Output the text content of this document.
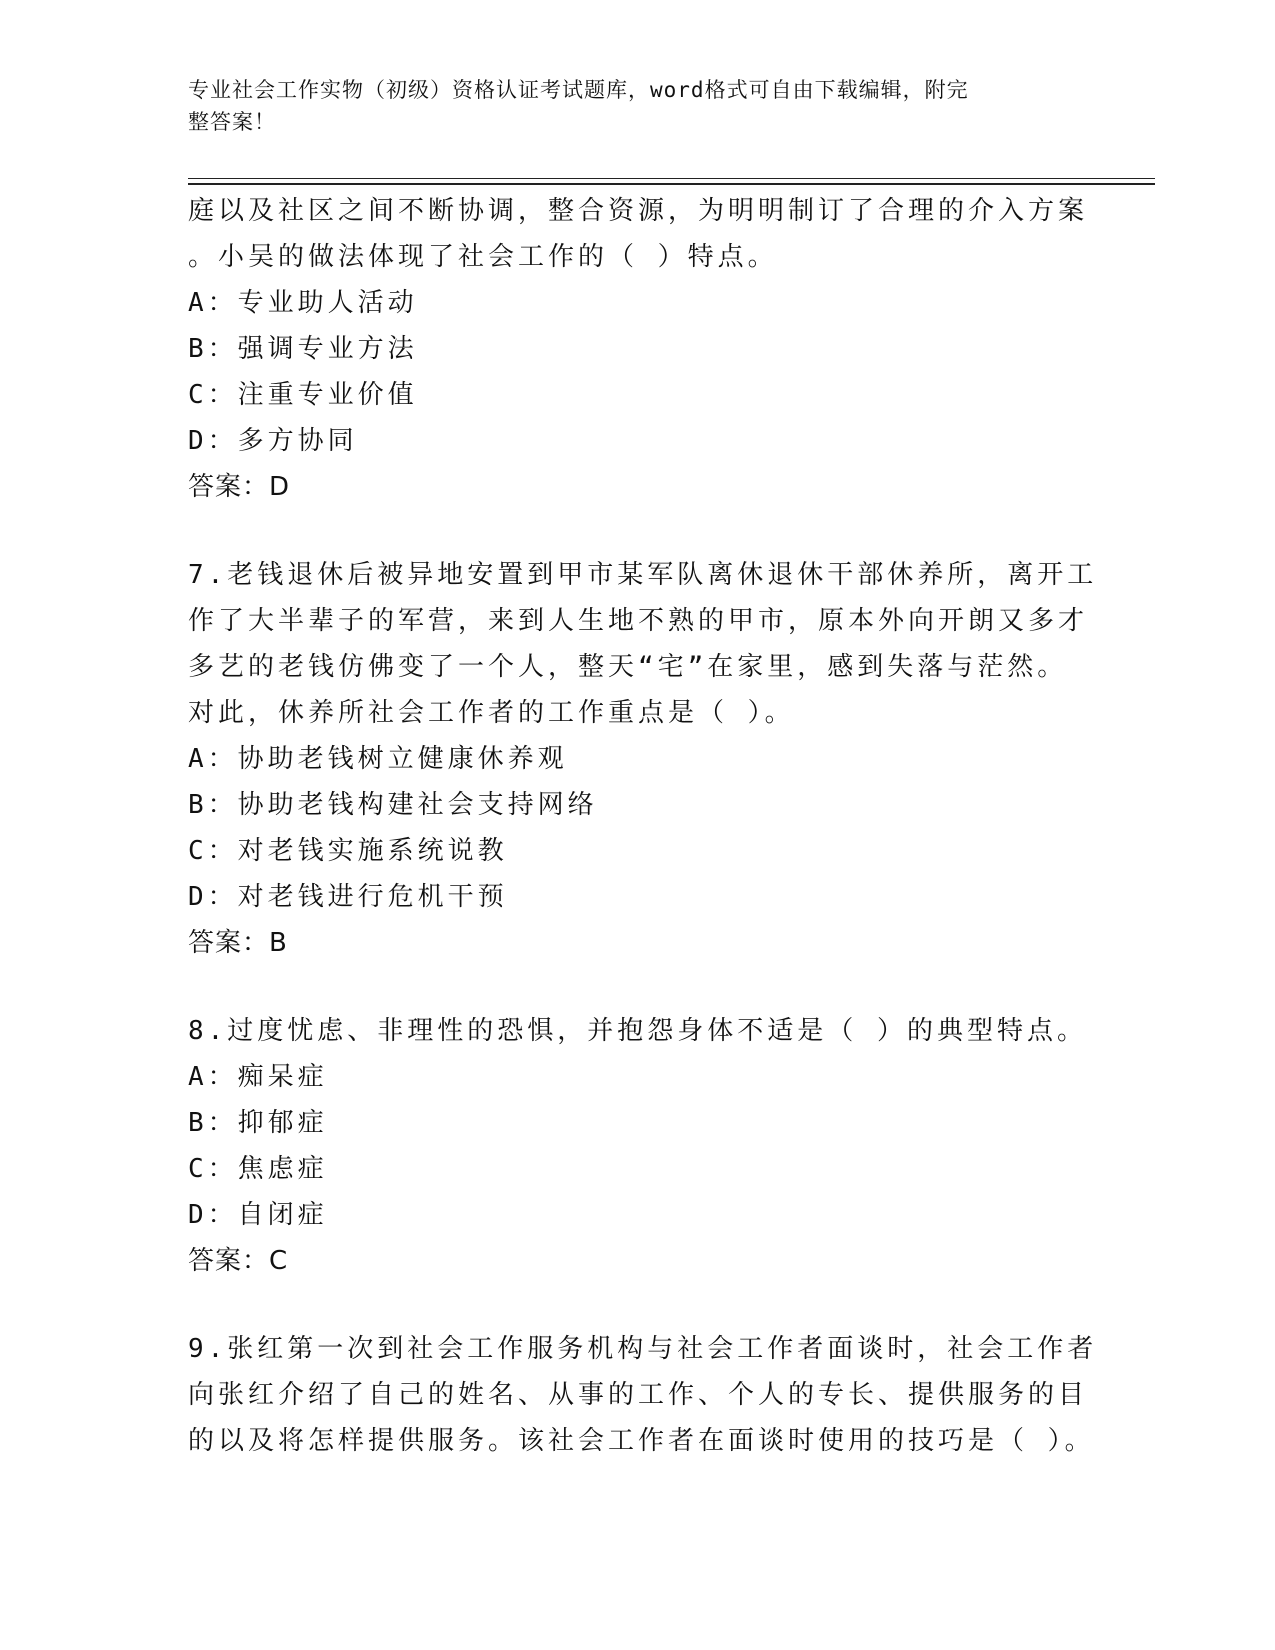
专业社会工作实物（初级）资格认证考试题库，word格式可自由下载编辑，附完
整答案！
庭以及社区之间不断协调，整合资源，为明明制订了合理的介入方案
。小吴的做法体现了社会工作的（ ）特点。
A：专业助人活动
B：强调专业方法
C：注重专业价值
D：多方协同
答案：D
7.老钱退休后被异地安置到甲市某军队离休退休干部休养所，离开工
作了大半辈子的军营，来到人生地不熟的甲市，原本外向开朗又多才
多艺的老钱仿佛变了一个人，整天“宅”在家里，感到失落与茫然。
对此，休养所社会工作者的工作重点是（ ）。
A：协助老钱树立健康休养观
B：协助老钱构建社会支持网络
C：对老钱实施系统说教
D：对老钱进行危机干预
答案：B
8.过度忧虑、非理性的恐惧，并抱怨身体不适是（ ）的典型特点。
A：痴呆症
B：抑郁症
C：焦虑症
D：自闭症
答案：C
9.张红第一次到社会工作服务机构与社会工作者面谈时，社会工作者
向张红介绍了自己的姓名、从事的工作、个人的专长、提供服务的目
的以及将怎样提供服务。该社会工作者在面谈时使用的技巧是（ ）。
